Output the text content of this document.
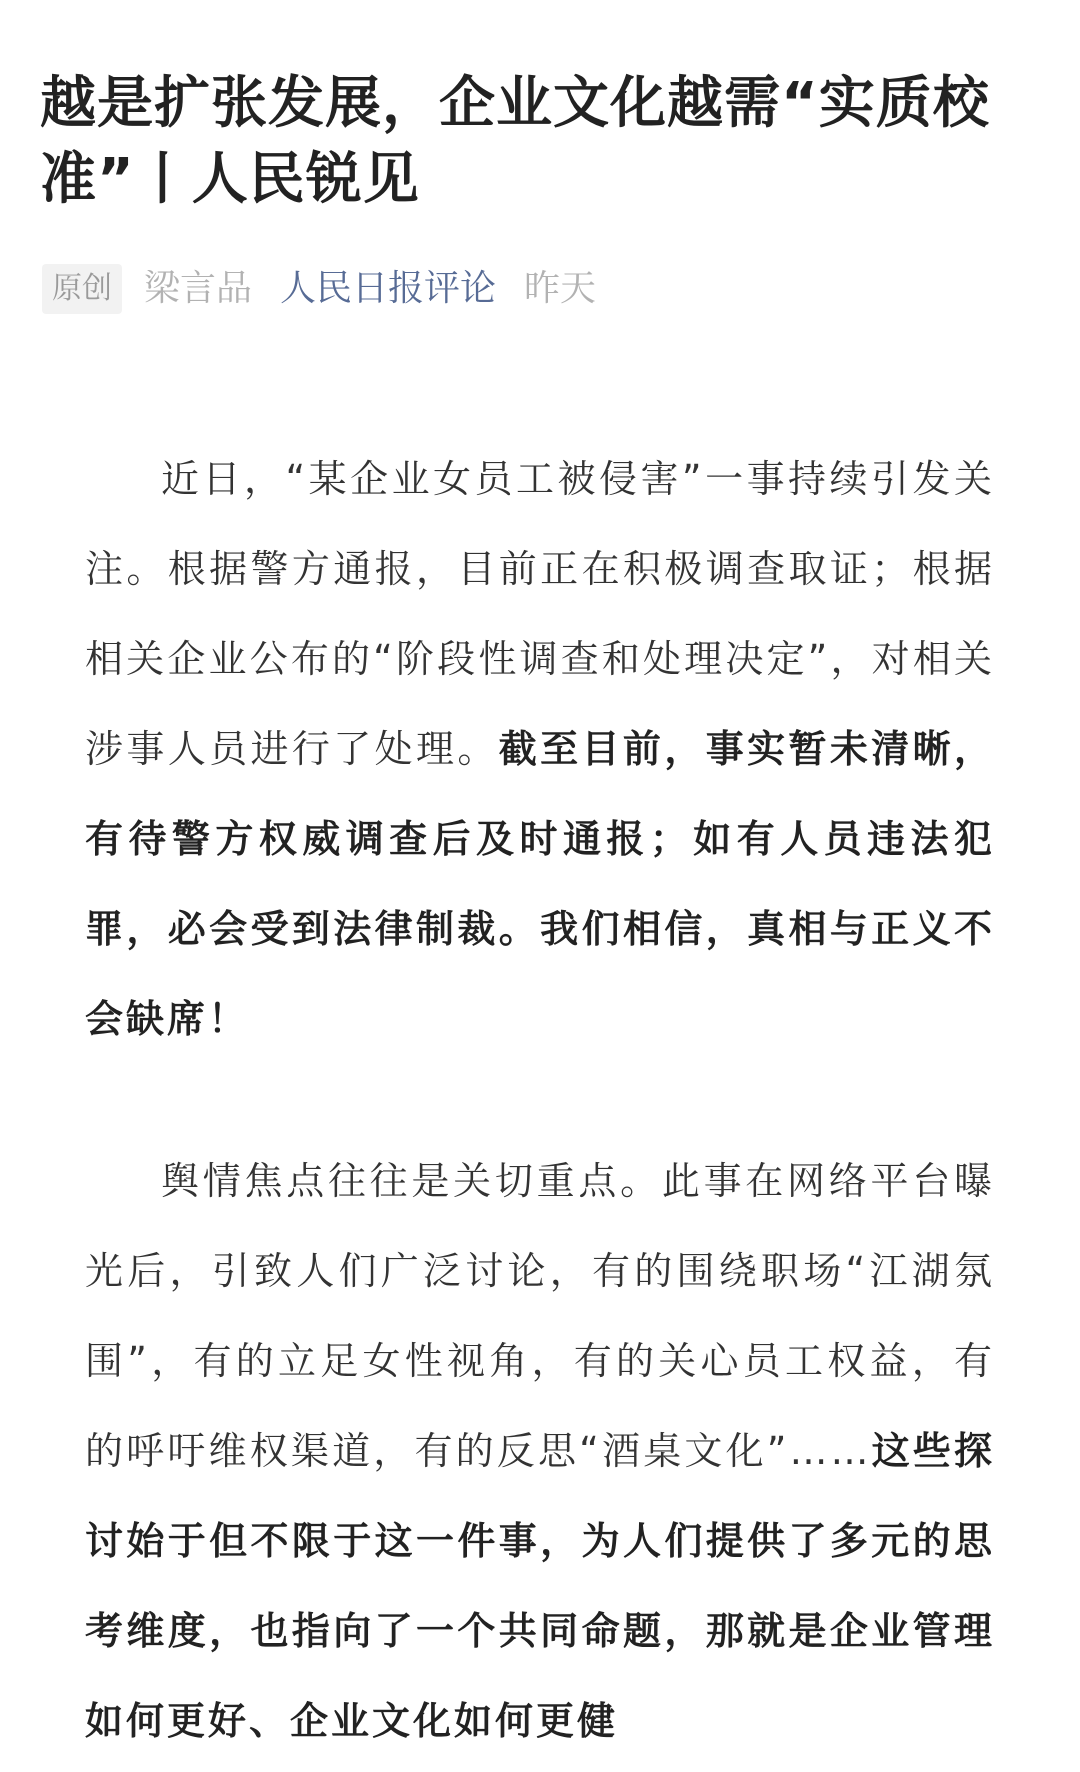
越是扩张发展，企业文化越需“实质校准”丨人民锐见
原创 梁言品 人民日报评论 昨天

近日，“某企业女员工被侵害”一事持续引发关注。根据警方通报，目前正在积极调查取证；根据相关企业公布的“阶段性调查和处理决定”，对相关涉事人员进行了处理。截至目前，事实暂未清晰，有待警方权威调查后及时通报；如有人员违法犯罪，必会受到法律制裁。我们相信，真相与正义不会缺席！

舆情焦点往往是关切重点。此事在网络平台曝光后，引致人们广泛讨论，有的围绕职场“江湖氛围”，有的立足女性视角，有的关心员工权益，有的呼吁维权渠道，有的反思“酒桌文化”……这些探讨始于但不限于这一件事，为人们提供了多元的思考维度，也指向了一个共同命题，那就是企业管理如何更好、企业文化如何更健
